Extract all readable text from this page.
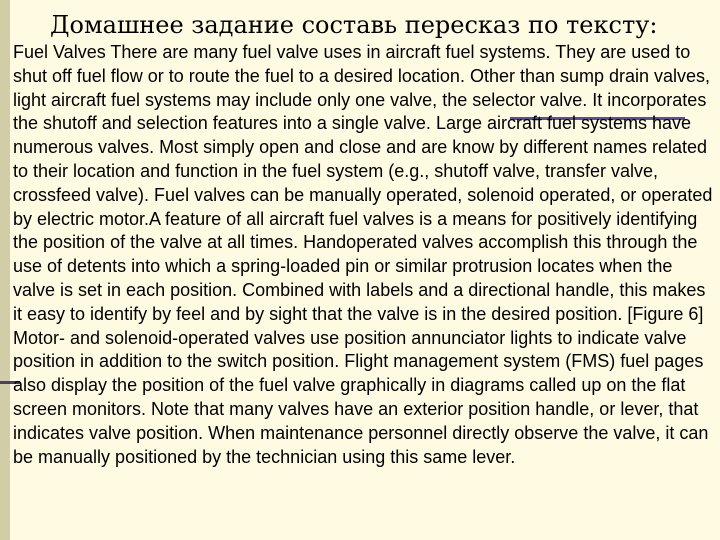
Домашнее задание составь пересказ по тексту:

Fuel Valves There are many fuel valve uses in aircraft fuel systems. They are used to shut off fuel flow or to route the fuel to a desired location. Other than sump drain valves, light aircraft fuel systems may include only one valve, the selector valve. It incorporates the shutoff and selection features into a single valve. Large aircraft fuel systems have numerous valves. Most simply open and close and are know by different names related to their location and function in the fuel system (e.g., shutoff valve, transfer valve, crossfeed valve). Fuel valves can be manually operated, solenoid operated, or operated by electric motor.A feature of all aircraft fuel valves is a means for positively identifying the position of the valve at all times. Handoperated valves accomplish this through the use of detents into which a spring-loaded pin or similar protrusion locates when the valve is set in each position. Combined with labels and a directional handle, this makes it easy to identify by feel and by sight that the valve is in the desired position. [Figure 6] Motor- and solenoid-operated valves use position annunciator lights to indicate valve position in addition to the switch position. Flight management system (FMS) fuel pages also display the position of the fuel valve graphically in diagrams called up on the flat screen monitors. Note that many valves have an exterior position handle, or lever, that indicates valve position. When maintenance personnel directly observe the valve, it can be manually positioned by the technician using this same lever.
